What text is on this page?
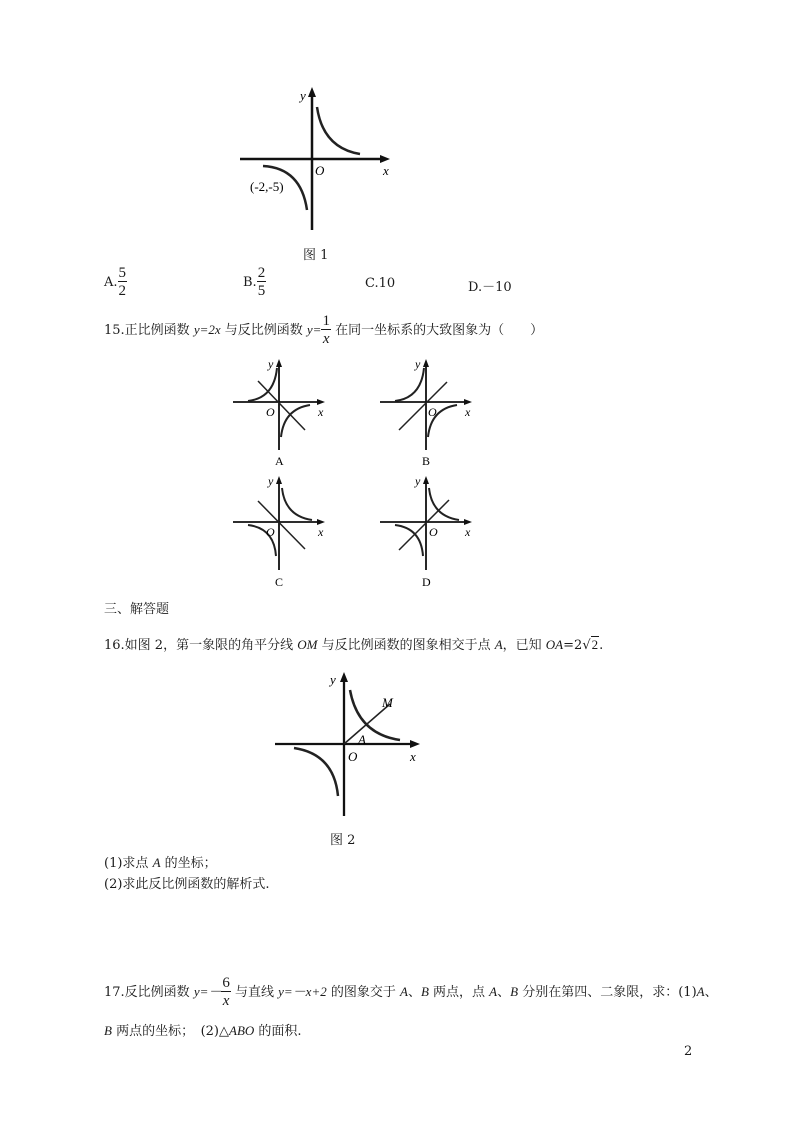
y
x
O
(-2,-5)
图 1
A. $\frac{5}{2}$	B. $\frac{2}{5}$	C.10	D.－10
15.正比例函数 y=2x 与反比例函数 $y= \frac{1}{x}$ 在同一坐标系的大致图象为（　　）
y
x
O
A
y
x
O
B
y
x
O
C
y
x
O
D
三、解答题
16.如图 2，第一象限的角平分线 OM 与反比例函数的图象相交于点 A，已知 OA=2√2.
y
x
O
A
M
图 2
(1)求点 A 的坐标；
(2)求此反比例函数的解析式.
17.反比例函数 $y=- \frac{6}{x}$ 与直线 y=－x+2 的图象交于 A、B 两点，点 A、B 分别在第四、二象限，求：(1)A、
B 两点的坐标；　(2)△ABO 的面积.
2
